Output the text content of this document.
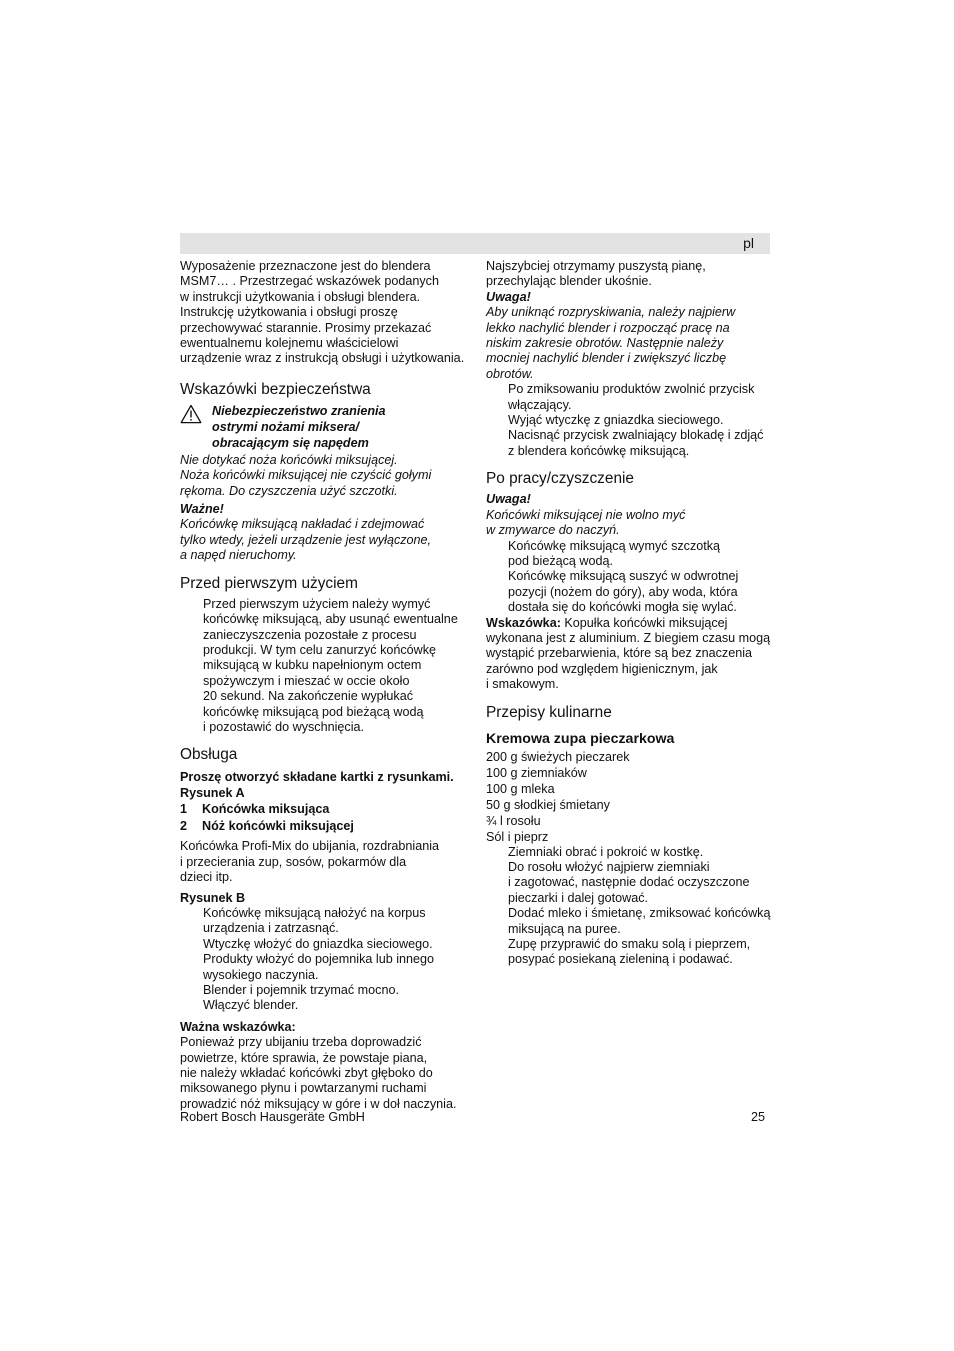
pl

Wyposażenie przeznaczone jest do blendera

MSM7… . Przestrzegać wskazówek podanych

w instrukcji użytkowania i obsługi blendera.

Instrukcję użytkowania i obsługi proszę

przechowywać starannie. Prosimy przekazać

ewentualnemu kolejnemu właścicielowi

urządzenie wraz z instrukcją obsługi i użytkowania.

Wskazówki bezpieczeństwa

Niebezpieczeństwo zranienia

ostrymi nożami miksera/

obracającym się napędem

Nie dotykać noża końcówki miksującej.

Noża końcówki miksującej nie czyścić gołymi

rękoma. Do czyszczenia użyć szczotki.

Ważne!

Końcówkę miksującą nakładać i zdejmować

tylko wtedy, jeżeli urządzenie jest wyłączone,

a napęd nieruchomy.

Przed pierwszym użyciem

Przed pierwszym użyciem należy wymyć

końcówkę miksującą, aby usunąć ewentualne

zanieczyszczenia pozostałe z procesu

produkcji. W tym celu zanurzyć końcówkę

miksującą w kubku napełnionym octem

spożywczym i mieszać w occie około

20 sekund. Na zakończenie wypłukać

końcówkę miksującą pod bieżącą wodą

i pozostawić do wyschnięcia.

Obsługa

Proszę otworzyć składane kartki z rysunkami.

Rysunek A

1 Końcówka miksująca

2 Nóż końcówki miksującej

Końcówka Profi-Mix do ubijania, rozdrabniania

i przecierania zup, sosów, pokarmów dla

dzieci itp.

Rysunek B

Końcówkę miksującą nałożyć na korpus

urządzenia i zatrzasnąć.

Wtyczkę włożyć do gniazdka sieciowego.

Produkty włożyć do pojemnika lub innego

wysokiego naczynia.

Blender i pojemnik trzymać mocno.

Włączyć blender.

Ważna wskazówka:

Ponieważ przy ubijaniu trzeba doprowadzić

powietrze, które sprawia, że powstaje piana,

nie należy wkładać końcówki zbyt głęboko do

miksowanego płynu i powtarzanymi ruchami

prowadzić nóż miksujący w góre i w doł naczynia.

Najszybciej otrzymamy puszystą pianę,

przechylając blender ukośnie.

Uwaga!

Aby uniknąć rozpryskiwania, należy najpierw

lekko nachylić blender i rozpocząć pracę na

niskim zakresie obrotów. Następnie należy

mocniej nachylić blender i zwiększyć liczbę

obrotów.

Po zmiksowaniu produktów zwolnić przycisk

włączający.

Wyjąć wtyczkę z gniazdka sieciowego.

Nacisnąć przycisk zwalniający blokadę i zdjąć

z blendera końcówkę miksującą.

Po pracy/czyszczenie

Uwaga!

Końcówki miksującej nie wolno myć

w zmywarce do naczyń.

Końcówkę miksującą wymyć szczotką

pod bieżącą wodą.

Końcówkę miksującą suszyć w odwrotnej

pozycji (nożem do góry), aby woda, która

dostała się do końcówki mogła się wylać.

Wskazówka: Kopułka końcówki miksującej

wykonana jest z aluminium. Z biegiem czasu mogą

wystąpić przebarwienia, które są bez znaczenia

zarówno pod względem higienicznym, jak

i smakowym.

Przepisy kulinarne
Kremowa zupa pieczarkowa

200 g świeżych pieczarek

100 g ziemniaków

100 g mleka

50 g słodkiej śmietany

¾ l rosołu

Sól i pieprz

Ziemniaki obrać i pokroić w kostkę.

Do rosołu włożyć najpierw ziemniaki

i zagotować, następnie dodać oczyszczone

pieczarki i dalej gotować.

Dodać mleko i śmietanę, zmiksować końcówką

miksującą na puree.

Zupę przyprawić do smaku solą i pieprzem,

posypać posiekaną zieleniną i podawać.

Robert Bosch Hausgeräte GmbH	25
